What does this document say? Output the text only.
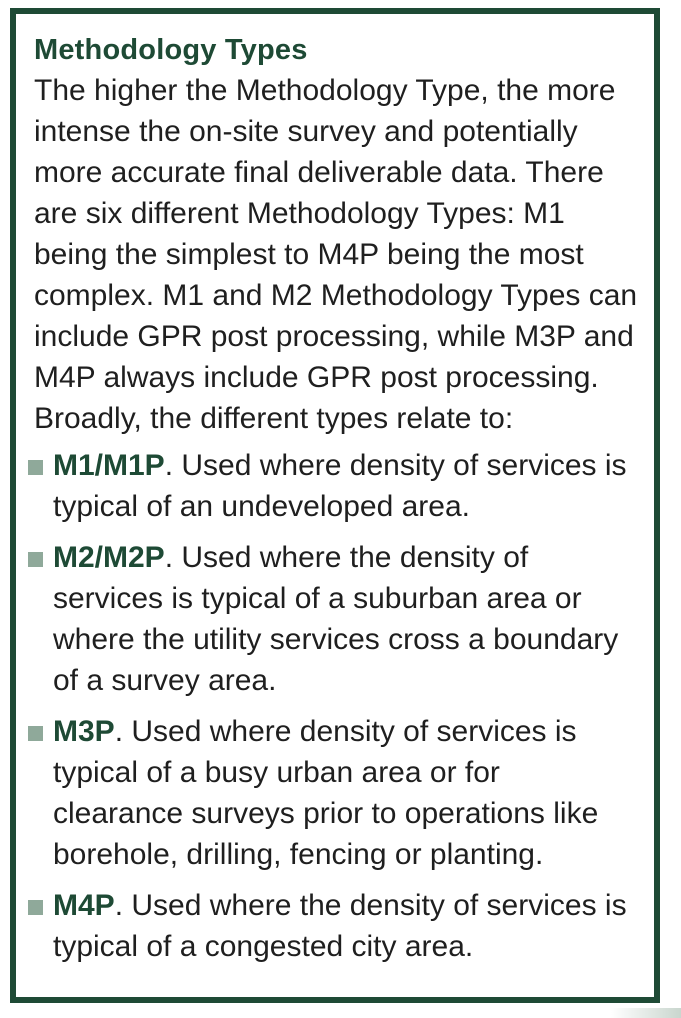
Methodology Types

The higher the Methodology Type, the more intense the on-site survey and potentially more accurate final deliverable data. There are six different Methodology Types: M1 being the simplest to M4P being the most complex. M1 and M2 Methodology Types can include GPR post processing, while M3P and M4P always include GPR post processing. Broadly, the different types relate to:

M1/M1P. Used where density of services is typical of an undeveloped area.
M2/M2P. Used where the density of services is typical of a suburban area or where the utility services cross a boundary of a survey area.
M3P. Used where density of services is typical of a busy urban area or for clearance surveys prior to operations like borehole, drilling, fencing or planting.
M4P. Used where the density of services is typical of a congested city area.
